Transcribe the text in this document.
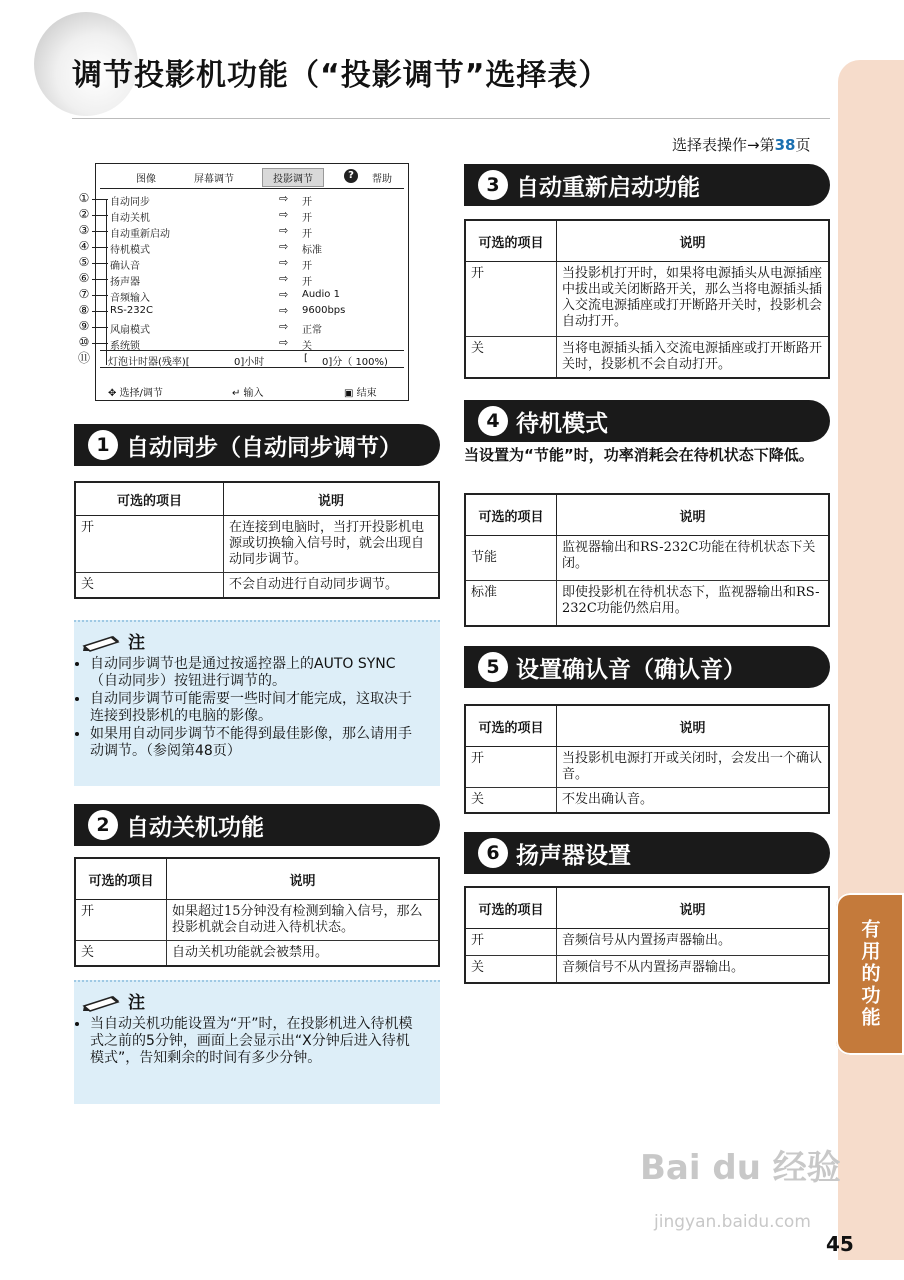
调节投影机功能（“投影调节”选择表）
选择表操作→第38页
有用的功能
Bai du 经验
jingyan.baidu.com
45
图像	屏幕调节	投影调节	?	帮助
自动同步	⇨ 开
自动关机	⇨ 开
自动重新启动	⇨ 开
待机模式	⇨ 标准
确认音	⇨ 开
扬声器	⇨ 开
音频输入	⇨ Audio 1
RS-232C	⇨ 9600bps
风扇模式	⇨ 正常
系统锁	⇨ 关
灯泡计时器(残率)[	0]小时	[ 0]分（ 100%)
✥ 选择/调节	↵ 输入	▣ 结束
1 自动同步（自动同步调节）
可选的项目	说明
开	在连接到电脑时，当打开投影机电源或切换输入信号时，就会出现自动同步调节。
关	不会自动进行自动同步调节。
注
• 自动同步调节也是通过按遥控器上的AUTO SYNC（自动同步）按钮进行调节的。
• 自动同步调节可能需要一些时间才能完成，这取决于连接到投影机的电脑的影像。
• 如果用自动同步调节不能得到最佳影像，那么请用手动调节。（参阅第48页）
2 自动关机功能
可选的项目	说明
开	如果超过15分钟没有检测到输入信号，那么投影机就会自动进入待机状态。
关	自动关机功能就会被禁用。
注
• 当自动关机功能设置为“开”时，在投影机进入待机模式之前的5分钟，画面上会显示出“X分钟后进入待机模式”，告知剩余的时间有多少分钟。
3 自动重新启动功能
可选的项目	说明
开	当投影机打开时，如果将电源插头从电源插座中拔出或关闭断路开关，那么当将电源插头插入交流电源插座或打开断路开关时，投影机会自动打开。
关	当将电源插头插入交流电源插座或打开断路开关时，投影机不会自动打开。
4 待机模式
当设置为“节能”时，功率消耗会在待机状态下降低。
可选的项目	说明
节能	监视器输出和RS-232C功能在待机状态下关闭。
标准	即使投影机在待机状态下，监视器输出和RS-232C功能仍然启用。
5 设置确认音（确认音）
可选的项目	说明
开	当投影机电源打开或关闭时，会发出一个确认音。
关	不发出确认音。
6 扬声器设置
可选的项目	说明
开	音频信号从内置扬声器输出。
关	音频信号不从内置扬声器输出。
①
②
③
④
⑤
⑥
⑦
⑧
⑨
⑩
⑪
